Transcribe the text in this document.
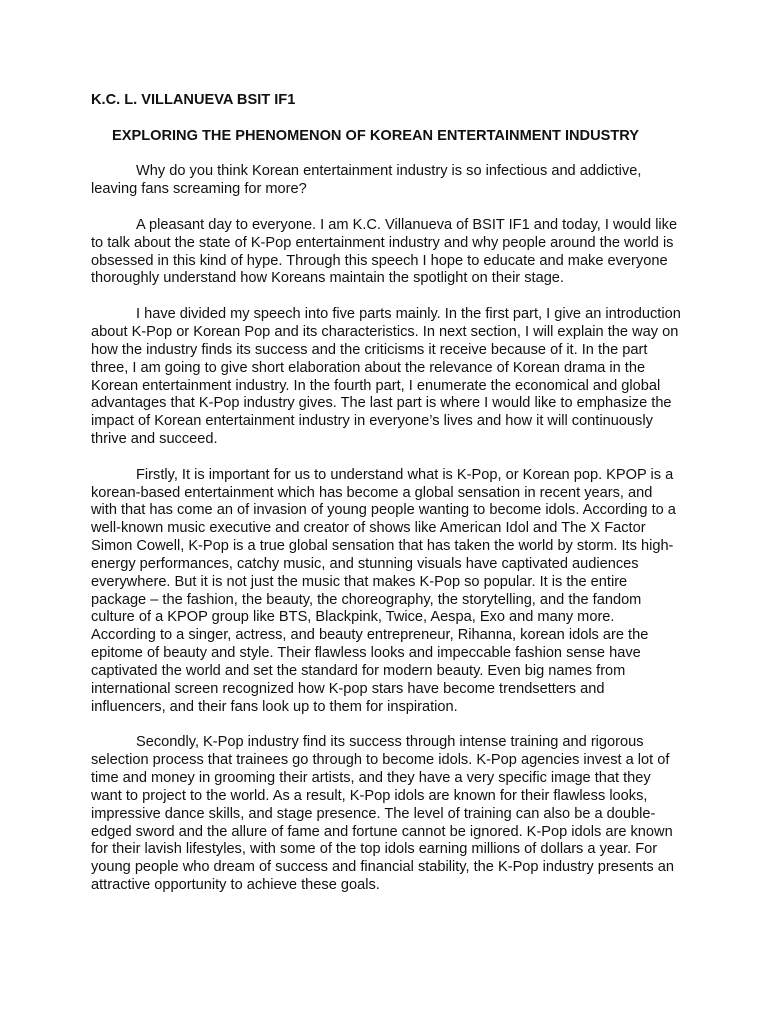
K.C. L. VILLANUEVA BSIT IF1
EXPLORING THE PHENOMENON OF KOREAN ENTERTAINMENT INDUSTRY

Why do you think Korean entertainment industry is so infectious and addictive, leaving fans screaming for more?

A pleasant day to everyone. I am K.C. Villanueva of BSIT IF1 and today, I would like to talk about the state of K-Pop entertainment industry and why people around the world is obsessed in this kind of hype. Through this speech I hope to educate and make everyone thoroughly understand how Koreans maintain the spotlight on their stage.

I have divided my speech into five parts mainly. In the first part, I give an introduction about K-Pop or Korean Pop and its characteristics. In next section, I will explain the way on how the industry finds its success and the criticisms it receive because of it. In the part three, I am going to give short elaboration about the relevance of Korean drama in the Korean entertainment industry. In the fourth part, I enumerate the economical and global advantages that K-Pop industry gives. The last part is where I would like to emphasize the impact of Korean entertainment industry in everyone’s lives and how it will continuously thrive and succeed.

Firstly, It is important for us to understand what is K-Pop, or Korean pop. KPOP is a korean-based entertainment which has become a global sensation in recent years, and with that has come an of invasion of young people wanting to become idols. According to a well-known music executive and creator of shows like American Idol and The X Factor Simon Cowell, K-Pop is a true global sensation that has taken the world by storm. Its high-energy performances, catchy music, and stunning visuals have captivated audiences everywhere. But it is not just the music that makes K-Pop so popular. It is the entire package – the fashion, the beauty, the choreography, the storytelling, and the fandom culture of a KPOP group like BTS, Blackpink, Twice, Aespa, Exo and many more. According to a singer, actress, and beauty entrepreneur, Rihanna, korean idols are the epitome of beauty and style. Their flawless looks and impeccable fashion sense have captivated the world and set the standard for modern beauty. Even big names from international screen recognized how K-pop stars have become trendsetters and influencers, and their fans look up to them for inspiration.

Secondly, K-Pop industry find its success through intense training and rigorous selection process that trainees go through to become idols. K-Pop agencies invest a lot of time and money in grooming their artists, and they have a very specific image that they want to project to the world. As a result, K-Pop idols are known for their flawless looks, impressive dance skills, and stage presence. The level of training can also be a double-edged sword and the allure of fame and fortune cannot be ignored. K-Pop idols are known for their lavish lifestyles, with some of the top idols earning millions of dollars a year. For young people who dream of success and financial stability, the K-Pop industry presents an attractive opportunity to achieve these goals.
